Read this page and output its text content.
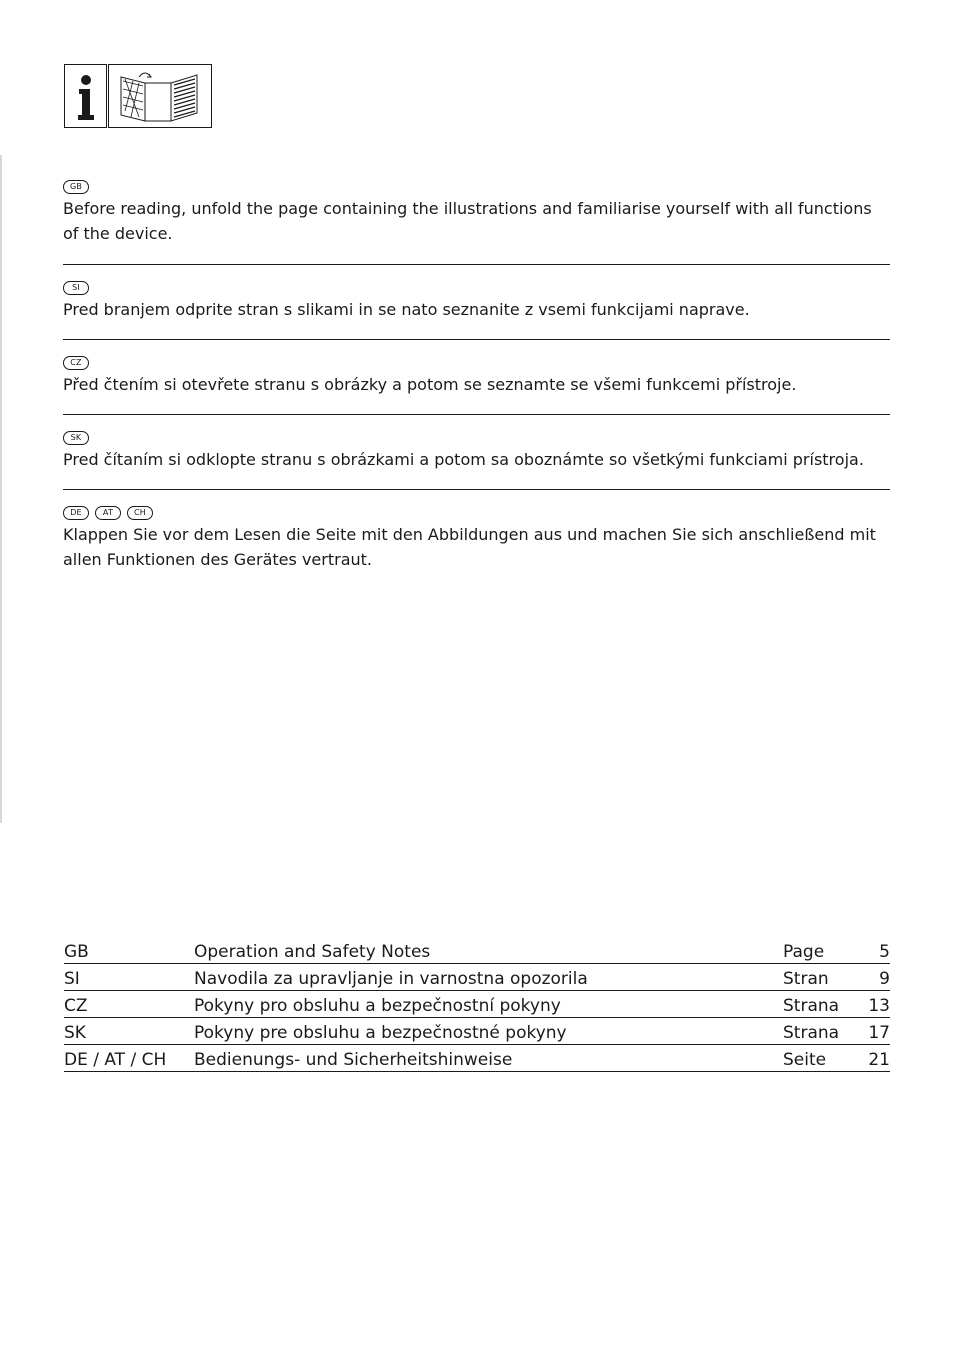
GB

Before reading, unfold the page containing the illustrations and familiarise yourself with all functions of the device.

SI

Pred branjem odprite stran s slikami in se nato seznanite z vsemi funkcijami naprave.

CZ

Před čtením si otevřete stranu s obrázky a potom se seznamte se všemi funkcemi přístroje.

SK

Pred čítaním si odklopte stranu s obrázkami a potom sa oboznámte so všetkými funkciami prístroja.

DE	AT	CH

Klappen Sie vor dem Lesen die Seite mit den Abbildungen aus und machen Sie sich anschließend mit allen Funktionen des Gerätes vertraut.

GB	Operation and Safety Notes	Page	5
SI	Navodila za upravljanje in varnostna opozorila	Stran	9
CZ	Pokyny pro obsluhu a bezpečnostní pokyny	Strana	13
SK	Pokyny pre obsluhu a bezpečnostné pokyny	Strana	17
DE / AT / CH	Bedienungs- und Sicherheitshinweise	Seite	21
